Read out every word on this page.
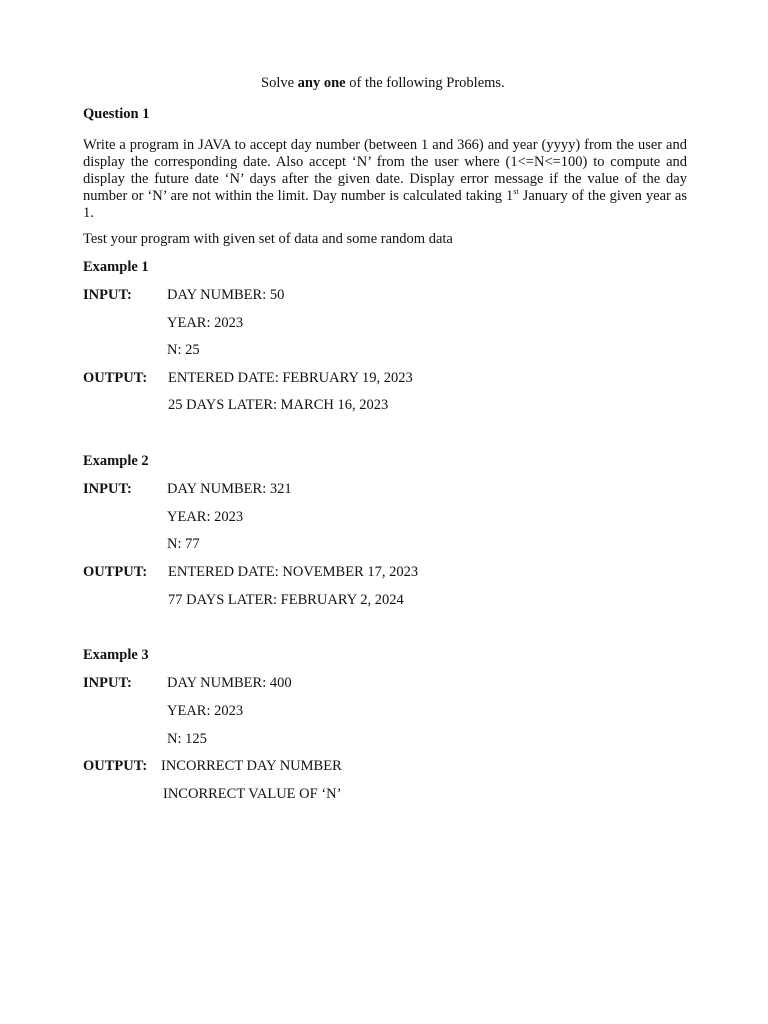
Solve any one of the following Problems.
Question 1
Write a program in JAVA to accept day number (between 1 and 366) and year (yyyy) from the user and display the corresponding date. Also accept ‘N’ from the user where (1<=N<=100) to compute and display the future date ‘N’ days after the given date. Display error message if the value of the day number or ‘N’ are not within the limit. Day number is calculated taking 1st January of the given year as 1.
Test your program with given set of data and some random data
Example 1
INPUT: DAY NUMBER: 50
YEAR: 2023
N: 25
OUTPUT: ENTERED DATE: FEBRUARY 19, 2023
25 DAYS LATER: MARCH 16, 2023
Example 2
INPUT: DAY NUMBER: 321
YEAR: 2023
N: 77
OUTPUT: ENTERED DATE: NOVEMBER 17, 2023
77 DAYS LATER: FEBRUARY 2, 2024
Example 3
INPUT: DAY NUMBER: 400
YEAR: 2023
N: 125
OUTPUT: INCORRECT DAY NUMBER
INCORRECT VALUE OF ‘N’
